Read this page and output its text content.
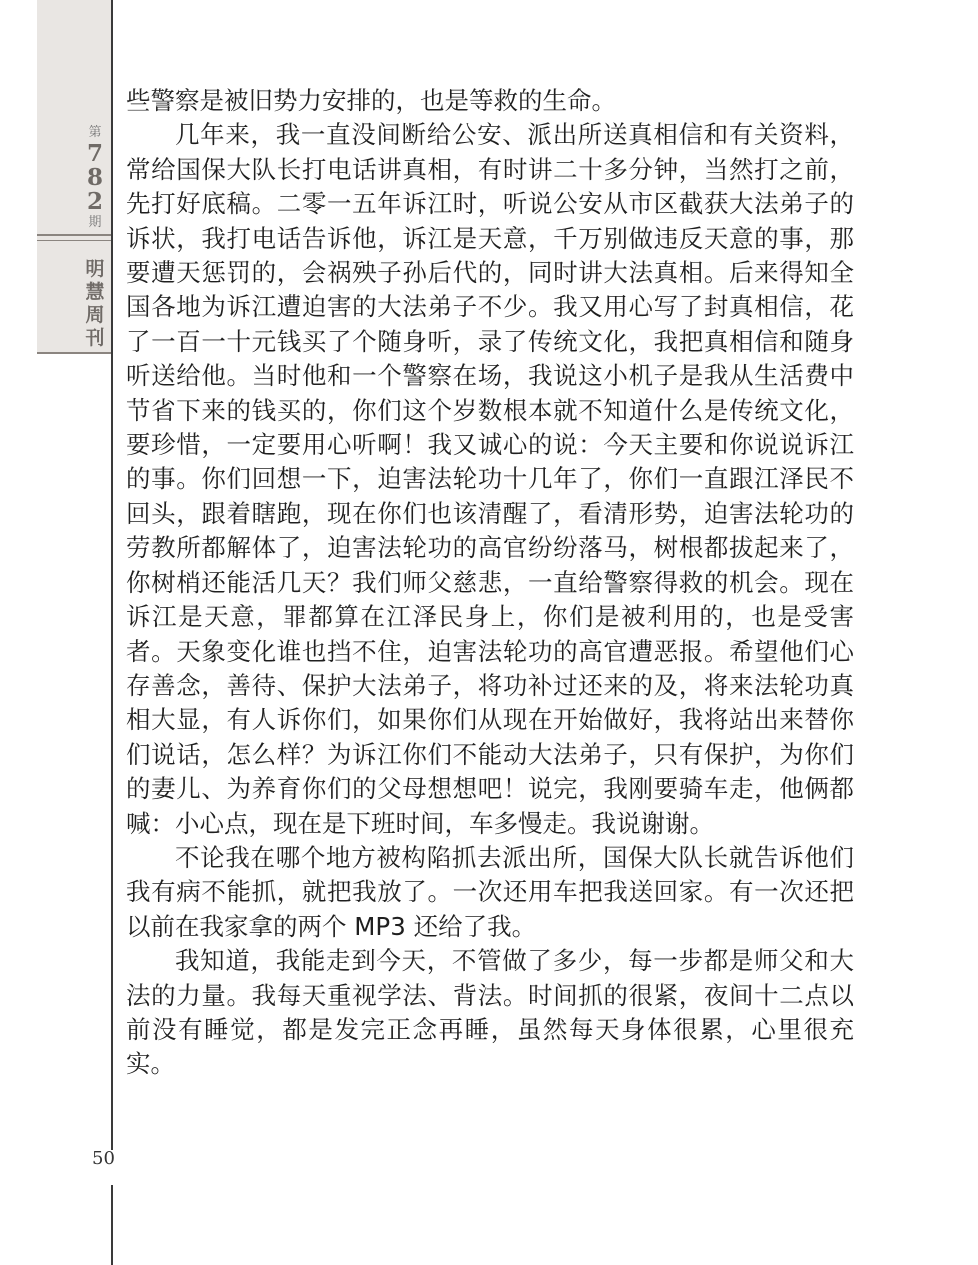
第
7
8
2
期
明
慧
周
刊
50

些警察是被旧势力安排的，也是等救的生命。

几年来，我一直没间断给公安、派出所送真相信和有关资料，常给国保大队长打电话讲真相，有时讲二十多分钟，当然打之前，先打好底稿。二零一五年诉江时，听说公安从市区截获大法弟子的诉状，我打电话告诉他，诉江是天意，千万别做违反天意的事，那要遭天惩罚的，会祸殃子孙后代的，同时讲大法真相。后来得知全国各地为诉江遭迫害的大法弟子不少。我又用心写了封真相信，花了一百一十元钱买了个随身听，录了传统文化，我把真相信和随身听送给他。当时他和一个警察在场，我说这小机子是我从生活费中节省下来的钱买的，你们这个岁数根本就不知道什么是传统文化，要珍惜，一定要用心听啊！我又诚心的说：今天主要和你说说诉江的事。你们回想一下，迫害法轮功十几年了，你们一直跟江泽民不回头，跟着瞎跑，现在你们也该清醒了，看清形势，迫害法轮功的劳教所都解体了，迫害法轮功的高官纷纷落马，树根都拔起来了，你树梢还能活几天？我们师父慈悲，一直给警察得救的机会。现在诉江是天意，罪都算在江泽民身上，你们是被利用的，也是受害者。天象变化谁也挡不住，迫害法轮功的高官遭恶报。希望他们心存善念，善待、保护大法弟子，将功补过还来的及，将来法轮功真相大显，有人诉你们，如果你们从现在开始做好，我将站出来替你们说话，怎么样？为诉江你们不能动大法弟子，只有保护，为你们的妻儿、为养育你们的父母想想吧！说完，我刚要骑车走，他俩都喊：小心点，现在是下班时间，车多慢走。我说谢谢。

不论我在哪个地方被构陷抓去派出所，国保大队长就告诉他们我有病不能抓，就把我放了。一次还用车把我送回家。有一次还把以前在我家拿的两个 MP3 还给了我。

我知道，我能走到今天，不管做了多少，每一步都是师父和大法的力量。我每天重视学法、背法。时间抓的很紧，夜间十二点以前没有睡觉，都是发完正念再睡，虽然每天身体很累，心里很充实。
